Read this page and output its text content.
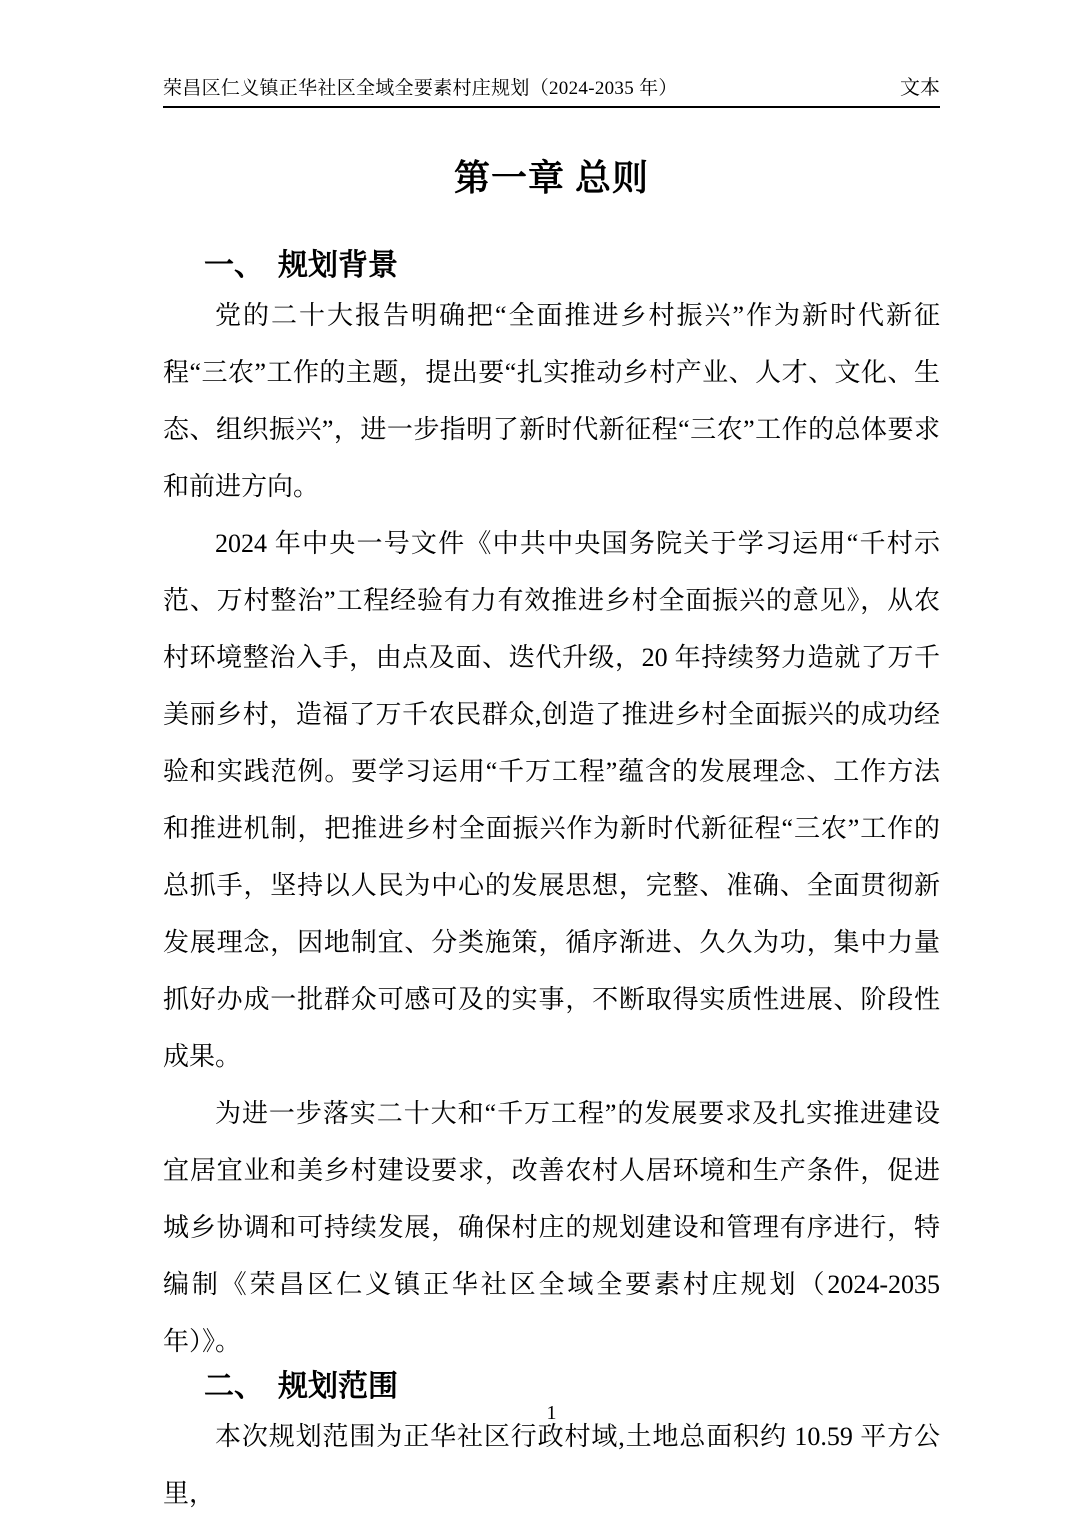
荣昌区仁义镇正华社区全域全要素村庄规划（2024-2035 年）	文本
第一章 总则
一、 规划背景

党的二十大报告明确把“全面推进乡村振兴”作为新时代新征程“三农”工作的主题，提出要“扎实推动乡村产业、人才、文化、生态、组织振兴”，进一步指明了新时代新征程“三农”工作的总体要求和前进方向。

2024 年中央一号文件《中共中央国务院关于学习运用“千村示范、万村整治”工程经验有力有效推进乡村全面振兴的意见》，从农村环境整治入手，由点及面、迭代升级，20 年持续努力造就了万千美丽乡村，造福了万千农民群众,创造了推进乡村全面振兴的成功经验和实践范例。要学习运用“千万工程”蕴含的发展理念、工作方法和推进机制，把推进乡村全面振兴作为新时代新征程“三农”工作的总抓手，坚持以人民为中心的发展思想，完整、准确、全面贯彻新发展理念，因地制宜、分类施策，循序渐进、久久为功，集中力量抓好办成一批群众可感可及的实事，不断取得实质性进展、阶段性成果。

为进一步落实二十大和“千万工程”的发展要求及扎实推进建设宜居宜业和美乡村建设要求，改善农村人居环境和生产条件，促进城乡协调和可持续发展，确保村庄的规划建设和管理有序进行，特编制《荣昌区仁义镇正华社区全域全要素村庄规划（2024-2035 年）》。

二、 规划范围

本次规划范围为正华社区行政村域,土地总面积约 10.59 平方公里，

1
